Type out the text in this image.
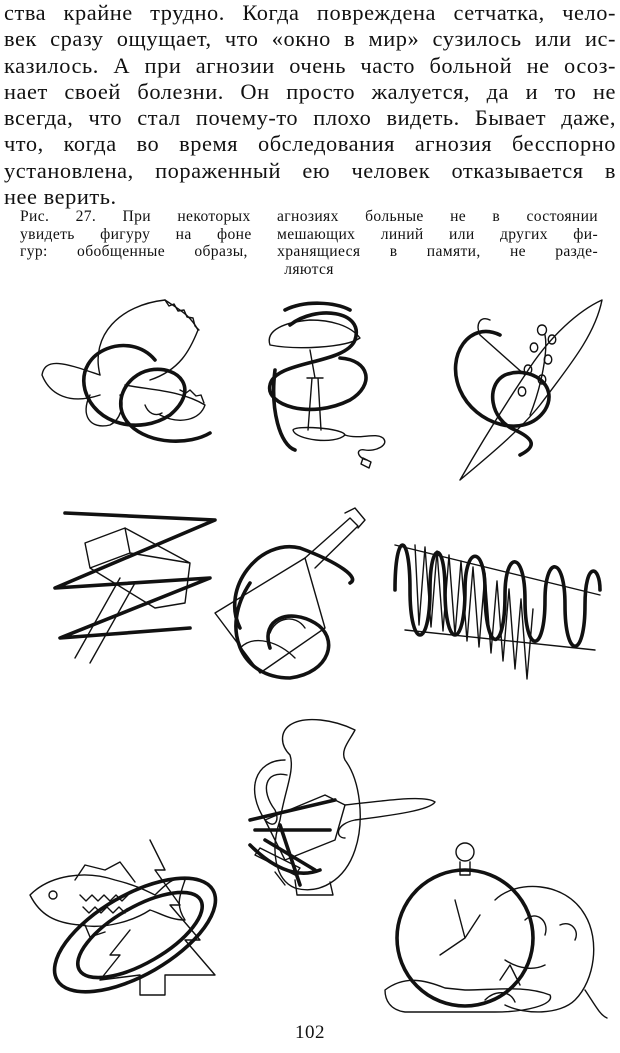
ства крайне трудно. Когда повреждена сетчатка, чело-
век сразу ощущает, что «окно в мир» сузилось или ис-
казилось. А при агнозии очень часто больной не осоз-
нает своей болезни. Он просто жалуется, да и то не
всегда, что стал почему-то плохо видеть. Бывает даже,
что, когда во время обследования агнозия бесспорно
установлена, пораженный ею человек отказывается в
нее верить.
Рис. 27. При некоторых агнозиях больные не в состоянии
увидеть фигуру на фоне мешающих линий или других фи-
гур: обобщенные образы, хранящиеся в памяти, не разде-
ляются
102
